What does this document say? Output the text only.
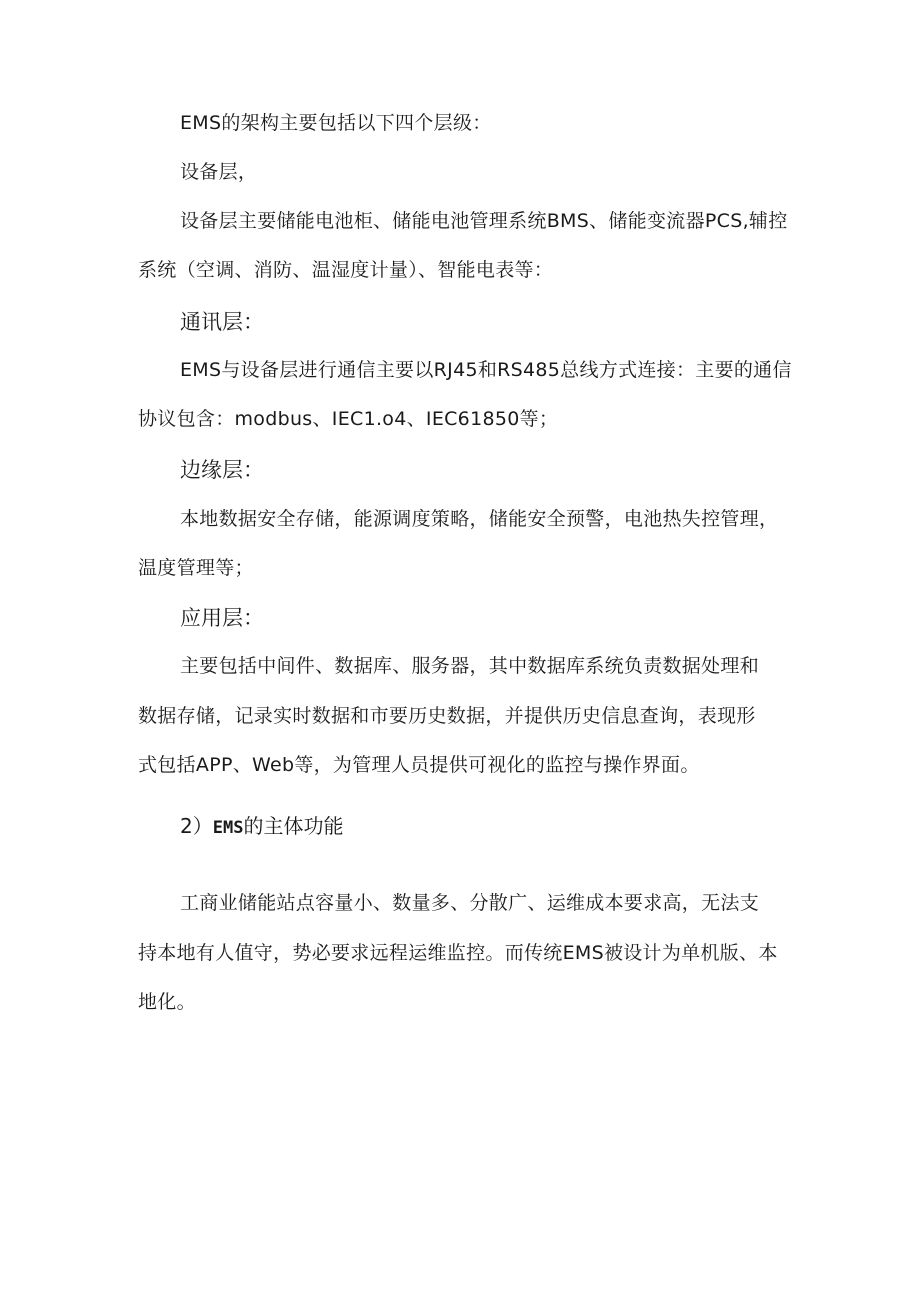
EMS的架构主要包括以下四个层级：

设备层，

设备层主要储能电池柜、储能电池管理系统BMS、储能变流器PCS,辅控

系统（空调、消防、温湿度计量）、智能电表等：

通讯层：

EMS与设备层进行通信主要以RJ45和RS485总线方式连接：主要的通信

协议包含：modbus、IEC1.o4、IEC61850等；

边缘层：

本地数据安全存储，能源调度策略，储能安全预警，电池热失控管理，

温度管理等；

应用层：

主要包括中间件、数据库、服务器，其中数据库系统负责数据处理和

数据存储，记录实时数据和市要历史数据，并提供历史信息查询，表现形

式包括APP、Web等，为管理人员提供可视化的监控与操作界面。

2）EMS的主体功能

工商业储能站点容量小、数量多、分散广、运维成本要求高，无法支

持本地有人值守，势必要求远程运维监控。而传统EMS被设计为单机版、本

地化。
